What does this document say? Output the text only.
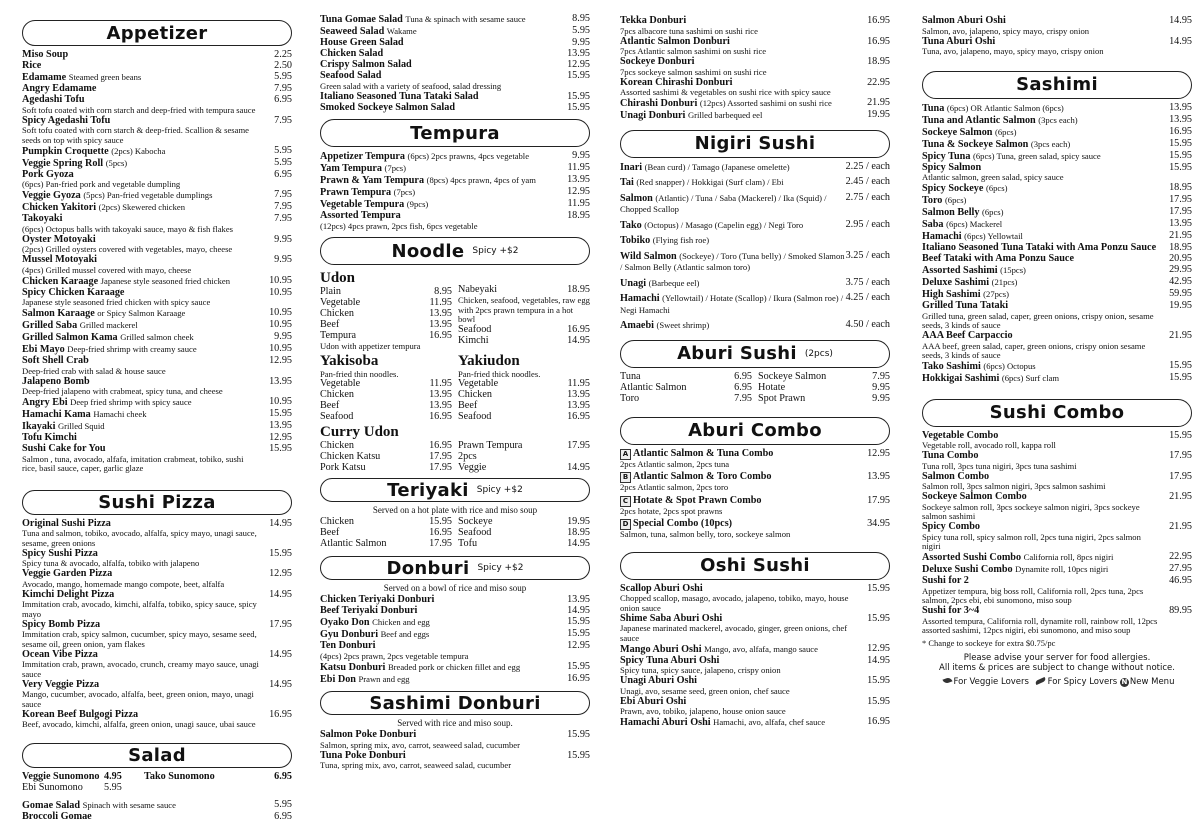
Appetizer
Miso Soup	2.25
Rice	2.50
Edamame Steamed green beans	5.95
Angry Edamame	7.95
Agedashi Tofu
Soft tofu coated with corn starch and deep-fried with tempura sauce
6.95
Spicy Agedashi Tofu
Soft tofu coated with corn starch & deep-fried. Scallion & sesame seeds on top with spicy sauce
7.95
Pumpkin Croquette (2pcs) Kabocha	5.95
Veggie Spring Roll (5pcs)	5.95
Pork Gyoza
(6pcs) Pan-fried pork and vegetable dumpling
6.95
Veggie Gyoza (5pcs) Pan-fried vegetable dumplings	7.95
Chicken Yakitori (2pcs) Skewered chicken	7.95
Takoyaki
(6pcs) Octopus balls with takoyaki sauce, mayo & fish flakes
7.95
Oyster Motoyaki
(2pcs) Grilled oysters covered with vegetables, mayo, cheese
9.95
Mussel Motoyaki
(4pcs) Grilled mussel covered with mayo, cheese
9.95
Chicken Karaage Japanese style seasoned fried chicken	10.95
Spicy Chicken Karaage
Japanese style seasoned fried chicken with spicy sauce
10.95
Salmon Karaage or Spicy Salmon Karaage	10.95
Grilled Saba Grilled mackerel	10.95
Grilled Salmon Kama Grilled salmon cheek	9.95
Ebi Mayo Deep-fried shrimp with creamy sauce	10.95
Soft Shell Crab
Deep-fried crab with salad & house sauce
12.95
Jalapeno Bomb
Deep-fried jalapeno with crabmeat, spicy tuna, and cheese
13.95
Angry Ebi Deep fried shrimp with spicy sauce	10.95
Hamachi Kama Hamachi cheek	15.95
Ikayaki Grilled Squid	13.95
Tofu Kimchi	12.95
Sushi Cake for You
Salmon , tuna, avocado, alfafa, imitation crabmeat, tobiko, sushi rice, basil sauce, caper, garlic glaze
15.95
Sushi Pizza
Original Sushi Pizza
Tuna and salmon, tobiko, avocado, alfalfa, spicy mayo, unagi sauce, sesame, green onions
14.95
Spicy Sushi Pizza
Spicy tuna & avocado, alfalfa, tobiko with jalapeno
15.95
Veggie Garden Pizza
Avocado, mango, homemade mango compote, beet, alfalfa
12.95
Kimchi Delight Pizza
Immitation crab, avocado, kimchi, alfalfa, tobiko, spicy sauce, spicy mayo
14.95
Spicy Bomb Pizza
Immitation crab, spicy salmon, cucumber, spicy mayo, sesame seed, sesame oil, green onion, yam flakes
17.95
Ocean Vibe Pizza
Immitation crab, prawn, avocado, crunch, creamy mayo sauce, unagi sauce
14.95
Very Veggie Pizza
Mango, cucumber, avocado, alfalfa, beet, green onion, mayo, unagi sauce
14.95
Korean Beef Bulgogi Pizza
Beef, avocado, kimchi, alfalfa, green onion, unagi sauce, ubai sauce
16.95
Salad
Veggie Sunomono 4.95	Tako Sunomono	6.95
Ebi Sunomono	5.95
Gomae Salad Spinach with sesame sauce	5.95
Broccoli Gomae	6.95
Tuna Gomae Salad Tuna & spinach with sesame sauce	8.95
Seaweed Salad Wakame	5.95
House Green Salad	9.95
Chicken Salad	13.95
Crispy Salmon Salad	12.95
Seafood Salad
Green salad with a variety of seafood, salad dressing
15.95
Italiano Seasoned Tuna Tataki Salad	15.95
Smoked Sockeye Salmon Salad	15.95
Tempura
Appetizer Tempura (6pcs) 2pcs prawns, 4pcs vegetable	9.95
Yam Tempura (7pcs)	11.95
Prawn & Yam Tempura (8pcs) 4pcs prawn, 4pcs of yam	13.95
Prawn Tempura (7pcs)	12.95
Vegetable Tempura (9pcs)	11.95
Assorted Tempura
(12pcs) 4pcs prawn, 2pcs fish, 6pcs vegetable
18.95
Noodle Spicy +$2
Udon
Plain	8.95
Vegetable	11.95
Chicken	13.95
Beef	13.95
Tempura	16.95
Udon with appetizer tempura
Nabeyaki	18.95
Chicken, seafood, vegetables, raw egg with 2pcs prawn tempura in a hot bowl
Seafood	16.95
Kimchi	14.95
Yakisoba
Pan-fried thin noodles.
Vegetable	11.95
Chicken	13.95
Beef	13.95
Seafood	16.95
Yakiudon
Pan-fried thick noodles.
Vegetable	11.95
Chicken	13.95
Beef	13.95
Seafood	16.95
Curry Udon
Chicken	16.95
Chicken Katsu	17.95
Pork Katsu	17.95
Prawn Tempura	17.95
2pcs
Veggie	14.95
Teriyaki Spicy +$2
Served on a hot plate with rice and miso soup
Chicken	15.95
Beef	16.95
Atlantic Salmon	17.95
Sockeye	19.95
Seafood	18.95
Tofu	14.95
Donburi Spicy +$2
Served on a bowl of rice and miso soup
Chicken Teriyaki Donburi	13.95
Beef Teriyaki Donburi	14.95
Oyako Don Chicken and egg	15.95
Gyu Donburi Beef and eggs	15.95
Ten Donburi
(4pcs) 2pcs prawn, 2pcs vegetable tempura
12.95
Katsu Donburi Breaded pork or chicken fillet and egg	15.95
Ebi Don Prawn and egg	16.95
Sashimi Donburi
Served with rice and miso soup.
Salmon Poke Donburi
Salmon, spring mix, avo, carrot, seaweed salad, cucumber
15.95
Tuna Poke Donburi
Tuna, spring mix, avo, carrot, seaweed salad, cucumber
15.95
Tekka Donburi
7pcs albacore tuna sashimi on sushi rice
16.95
Atlantic Salmon Donburi
7pcs Atlantic salmon sashimi on sushi rice
16.95
Sockeye Donburi
7pcs sockeye salmon sashimi on sushi rice
18.95
Korean Chirashi Donburi
Assorted sashimi & vegetables on sushi rice with spicy sauce
22.95
Chirashi Donburi (12pcs) Assorted sashimi on sushi rice	21.95
Unagi Donburi Grilled barbequed eel	19.95
Nigiri Sushi
Inari (Bean curd) / Tamago (Japanese omelette)	2.25 / each
Tai (Red snapper) / Hokkigai (Surf clam) / Ebi	2.45 / each
Salmon (Atlantic) / Tuna / Saba (Mackerel) / Ika (Squid) / Chopped Scallop
2.75 / each
Tako (Octopus) / Masago (Capelin egg) / Negi Toro	2.95 / each
Tobiko (Flying fish roe)
Wild Salmon (Sockeye) / Toro (Tuna belly) / Smoked Slamon / Salmon Belly (Atlantic salmon toro)
3.25 / each
Unagi (Barbeque eel)	3.75 / each
Hamachi (Yellowtail) / Hotate (Scallop) / Ikura (Salmon roe) / Negi Hamachi
4.25 / each
Amaebi (Sweet shrimp)	4.50 / each
Aburi Sushi (2pcs)
Tuna	6.95
Atlantic Salmon	6.95
Toro	7.95
Sockeye Salmon	7.95
Hotate	9.95
Spot Prawn	9.95
Aburi Combo
A Atlantic Salmon & Tuna Combo
2pcs Atlantic salmon, 2pcs tuna
12.95
B Atlantic Salmon & Toro Combo
2pcs Atlantic salmon, 2pcs toro
13.95
C Hotate & Spot Prawn Combo
2pcs hotate, 2pcs spot prawns
17.95
D Special Combo (10pcs)
Salmon, tuna, salmon belly, toro, sockeye salmon
34.95
Oshi Sushi
Scallop Aburi Oshi
Chopped scallop, masago, avocado, jalapeno, tobiko, mayo, house onion sauce
15.95
Shime Saba Aburi Oshi
Japanese marinated mackerel, avocado, ginger, green onions, chef sauce
15.95
Mango Aburi Oshi Mango, avo, alfafa, mango sauce	12.95
Spicy Tuna Aburi Oshi
Spicy tuna, spicy sauce, jalapeno, crispy onion
14.95
Unagi Aburi Oshi
Unagi, avo, sesame seed, green onion, chef sauce
15.95
Ebi Aburi Oshi
Prawn, avo, tobiko, jalapeno, house onion sauce
15.95
Hamachi Aburi Oshi Hamachi, avo, alfafa, chef sauce	16.95
Salmon Aburi Oshi
Salmon, avo, jalapeno, spicy mayo, crispy onion
14.95
Tuna Aburi Oshi
Tuna, avo, jalapeno, mayo, spicy mayo, crispy onion
14.95
Sashimi
Tuna (6pcs) OR Atlantic Salmon (6pcs)	13.95
Tuna and Atlantic Salmon (3pcs each)	13.95
Sockeye Salmon (6pcs)	16.95
Tuna & Sockeye Salmon (3pcs each)	15.95
Spicy Tuna (6pcs) Tuna, green salad, spicy sauce	15.95
Spicy Salmon
Atlantic salmon, green salad, spicy sauce
15.95
Spicy Sockeye (6pcs)	18.95
Toro (6pcs)	17.95
Salmon Belly (6pcs)	17.95
Saba (6pcs) Mackerel	13.95
Hamachi (6pcs) Yellowtail	21.95
Italiano Seasoned Tuna Tataki with Ama Ponzu Sauce	18.95
Beef Tataki with Ama Ponzu Sauce	20.95
Assorted Sashimi (15pcs)	29.95
Deluxe Sashimi (21pcs)	42.95
High Sashimi (27pcs)	59.95
Grilled Tuna Tataki
Grilled tuna, green salad, caper, green onions, crispy onion, sesame seeds, 3 kinds of sauce
19.95
AAA Beef Carpaccio
AAA beef, green salad, caper, green onions, crispy onion sesame seeds, 3 kinds of sauce
21.95
Tako Sashimi (6pcs) Octopus	15.95
Hokkigai Sashimi (6pcs) Surf clam	15.95
Sushi Combo
Vegetable Combo
Vegetable roll, avocado roll, kappa roll
15.95
Tuna Combo
Tuna roll, 3pcs tuna nigiri, 3pcs tuna sashimi
17.95
Salmon Combo
Salmon roll, 3pcs salmon nigiri, 3pcs salmon sashimi
17.95
Sockeye Salmon Combo
Sockeye salmon roll, 3pcs sockeye salmon nigiri, 3pcs sockeye salmon sashimi
21.95
Spicy Combo
Spicy tuna roll, spicy salmon roll, 2pcs tuna nigiri, 2pcs salmon nigiri
21.95
Assorted Sushi Combo California roll, 8pcs nigiri	22.95
Deluxe Sushi Combo Dynamite roll, 10pcs nigiri	27.95
Sushi for 2
Appetizer tempura, big boss roll, California roll, 2pcs tuna, 2pcs salmon, 2pcs ebi, ebi sunomono, miso soup
46.95
Sushi for 3~4
Assorted tempura, California roll, dynamite roll, rainbow roll, 12pcs assorted sashimi, 12pcs nigiri, ebi sunomono, and miso soup
89.95
* Change to sockeye for extra $0.75/pc
Please advise your server for food allergies.
All items & prices are subject to change without notice.
For Veggie Lovers For Spicy Lovers N New Menu
